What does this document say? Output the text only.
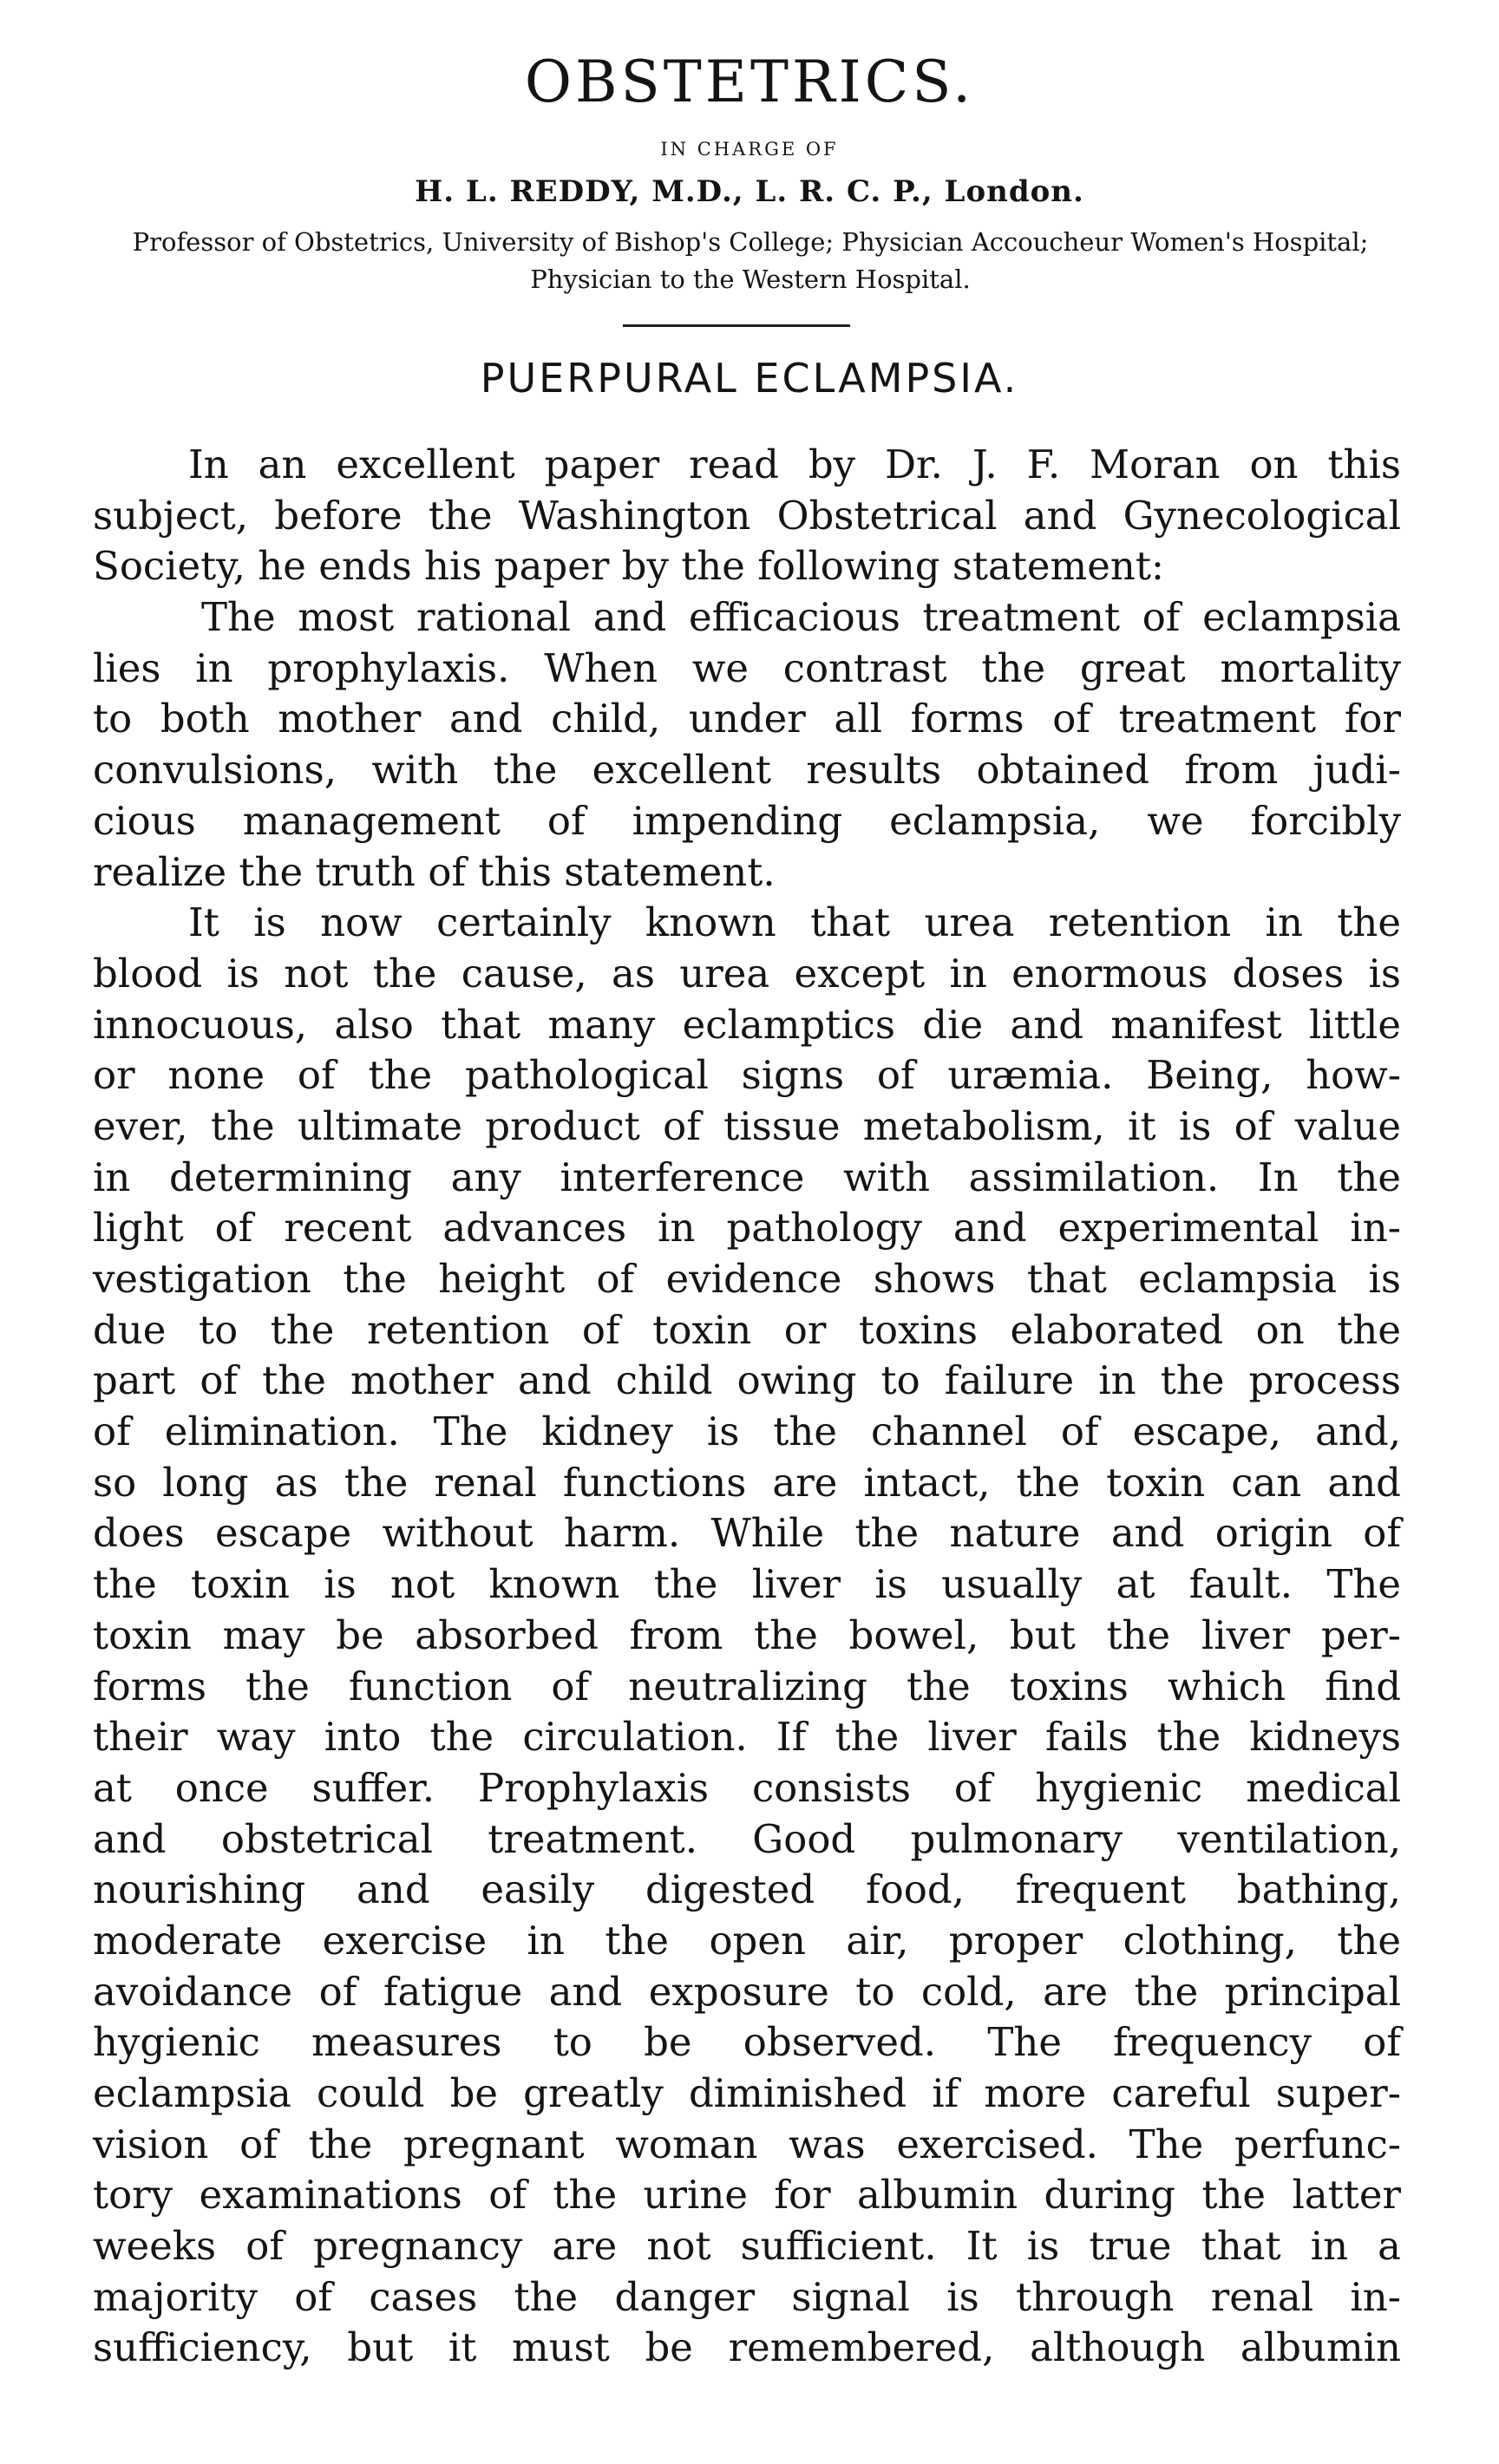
OBSTETRICS.
IN CHARGE OF
H. L. REDDY, M.D., L. R. C. P., London.
Professor of Obstetrics, University of Bishop's College; Physician Accoucheur Women's Hospital; Physician to the Western Hospital.
PUERPURAL ECLAMPSIA.
In an excellent paper read by Dr. J. F. Moran on this
subject, before the Washington Obstetrical and Gynecological
Society, he ends his paper by the following statement:
The most rational and efficacious treatment of eclampsia
lies in prophylaxis. When we contrast the great mortality
to both mother and child, under all forms of treatment for
convulsions, with the excellent results obtained from judi-
cious management of impending eclampsia, we forcibly
realize the truth of this statement.
It is now certainly known that urea retention in the
blood is not the cause, as urea except in enormous doses is
innocuous, also that many eclamptics die and manifest little
or none of the pathological signs of uræmia. Being, how-
ever, the ultimate product of tissue metabolism, it is of value
in determining any interference with assimilation. In the
light of recent advances in pathology and experimental in-
vestigation the height of evidence shows that eclampsia is
due to the retention of toxin or toxins elaborated on the
part of the mother and child owing to failure in the process
of elimination. The kidney is the channel of escape, and,
so long as the renal functions are intact, the toxin can and
does escape without harm. While the nature and origin of
the toxin is not known the liver is usually at fault. The
toxin may be absorbed from the bowel, but the liver per-
forms the function of neutralizing the toxins which find
their way into the circulation. If the liver fails the kidneys
at once suffer. Prophylaxis consists of hygienic medical
and obstetrical treatment. Good pulmonary ventilation,
nourishing and easily digested food, frequent bathing,
moderate exercise in the open air, proper clothing, the
avoidance of fatigue and exposure to cold, are the principal
hygienic measures to be observed. The frequency of
eclampsia could be greatly diminished if more careful super-
vision of the pregnant woman was exercised. The perfunc-
tory examinations of the urine for albumin during the latter
weeks of pregnancy are not sufficient. It is true that in a
majority of cases the danger signal is through renal in-
sufficiency, but it must be remembered, although albumin
